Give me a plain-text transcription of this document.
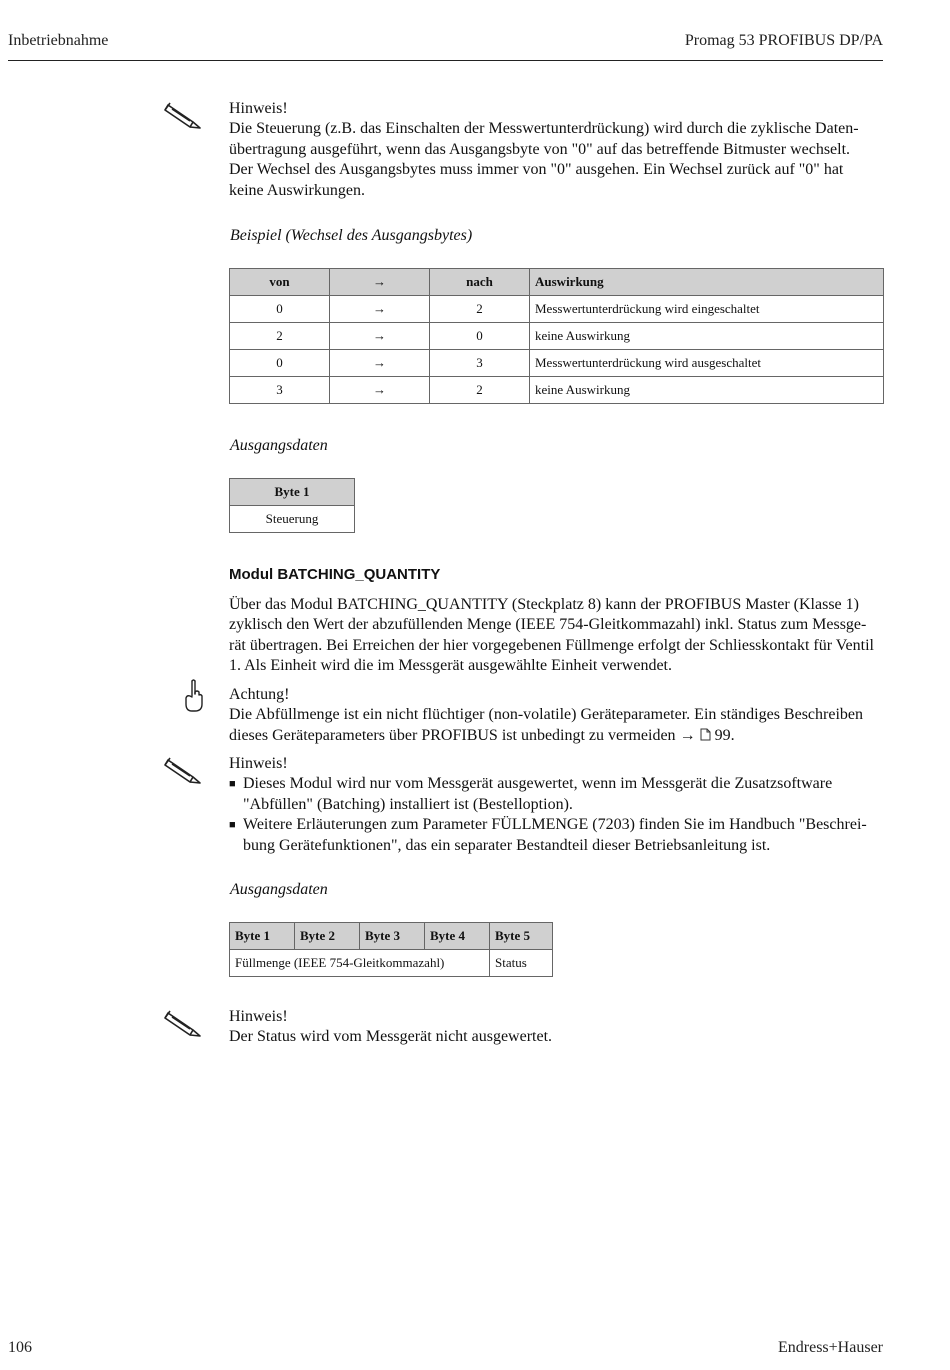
Inbetriebnahme	Promag 53 PROFIBUS DP/PA
Hinweis!
Die Steuerung (z.B. das Einschalten der Messwertunterdrückung) wird durch die zyklische Daten-
übertragung ausgeführt, wenn das Ausgangsbyte von "0" auf das betreffende Bitmuster wechselt.
Der Wechsel des Ausgangsbytes muss immer von "0" ausgehen. Ein Wechsel zurück auf "0" hat
keine Auswirkungen.
Beispiel (Wechsel des Ausgangsbytes)
von	→	nach	Auswirkung
0	→	2	Messwertunterdrückung wird eingeschaltet
2	→	0	keine Auswirkung
0	→	3	Messwertunterdrückung wird ausgeschaltet
3	→	2	keine Auswirkung
Ausgangsdaten
Byte 1
Steuerung
Modul BATCHING_QUANTITY
Über das Modul BATCHING_QUANTITY (Steckplatz 8) kann der PROFIBUS Master (Klasse 1)
zyklisch den Wert der abzufüllenden Menge (IEEE 754-Gleitkommazahl) inkl. Status zum Messge-
rät übertragen. Bei Erreichen der hier vorgegebenen Füllmenge erfolgt der Schliesskontakt für Ventil
1. Als Einheit wird die im Messgerät ausgewählte Einheit verwendet.
Achtung!
Die Abfüllmenge ist ein nicht flüchtiger (non-volatile) Geräteparameter. Ein ständiges Beschreiben
dieses Geräteparameters über PROFIBUS ist unbedingt zu vermeiden → 99.
Hinweis!
■ Dieses Modul wird nur vom Messgerät ausgewertet, wenn im Messgerät die Zusatzsoftware
"Abfüllen" (Batching) installiert ist (Bestelloption).
■ Weitere Erläuterungen zum Parameter FÜLLMENGE (7203) finden Sie im Handbuch "Beschrei-
bung Gerätefunktionen", das ein separater Bestandteil dieser Betriebsanleitung ist.
Ausgangsdaten
Byte 1	Byte 2	Byte 3	Byte 4	Byte 5
Füllmenge (IEEE 754-Gleitkommazahl)				Status
Hinweis!
Der Status wird vom Messgerät nicht ausgewertet.
106	Endress+Hauser
